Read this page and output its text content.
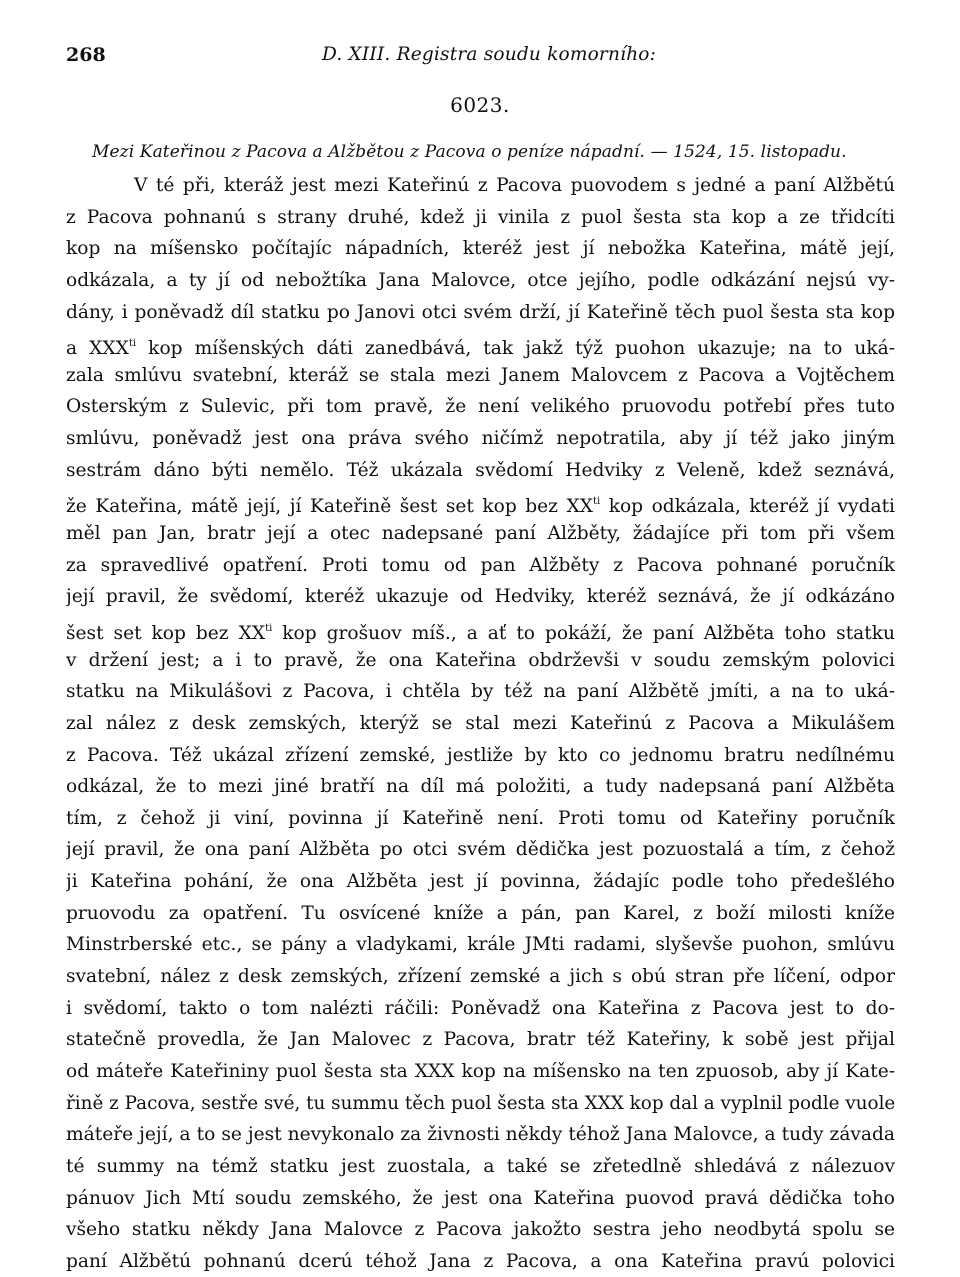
268	D. XIII. Registra soudu komorního:
6023.
Mezi Kateřinou z Pacova a Alžbětou z Pacova o peníze nápadní. — 1524, 15. listopadu.
V té při, kteráž jest mezi Kateřinú z Pacova puovodem s jedné a paní Alžbětú
z Pacova pohnanú s strany druhé, kdež ji vinila z puol šesta sta kop a ze třidcíti
kop na míšensko počítajíc nápadních, kteréž jest jí nebožka Kateřina, mátě její,
odkázala, a ty jí od nebožtíka Jana Malovce, otce jejího, podle odkázání nejsú vy-
dány, i poněvadž díl statku po Janovi otci svém drží, jí Kateřině těch puol šesta sta kop
a $XXX^{ti}$ kop míšenských dáti zanedbává, tak jakž týž puohon ukazuje; na to uká-
zala smlúvu svatební, kteráž se stala mezi Janem Malovcem z Pacova a Vojtěchem
Osterským z Sulevic, při tom pravě, že není velikého pruovodu potřebí přes tuto
smlúvu, poněvadž jest ona práva svého ničímž nepotratila, aby jí též jako jiným
sestrám dáno býti nemělo. Též ukázala svědomí Hedviky z Veleně, kdež seznává,
že Kateřina, mátě její, jí Kateřině šest set kop bez $XX^{ti}$ kop odkázala, kteréž jí vydati
měl pan Jan, bratr její a otec nadepsané paní Alžběty, žádajíce při tom při všem
za spravedlivé opatření. Proti tomu od pan Alžběty z Pacova pohnané poručník
její pravil, že svědomí, kteréž ukazuje od Hedviky, kteréž seznává, že jí odkázáno
šest set kop bez $XX^{ti}$ kop grošuov míš., a ať to pokáží, že paní Alžběta toho statku
v držení jest; a i to pravě, že ona Kateřina obdrževši v soudu zemským polovici
statku na Mikulášovi z Pacova, i chtěla by též na paní Alžbětě jmíti, a na to uká-
zal nález z desk zemských, kterýž se stal mezi Kateřinú z Pacova a Mikulášem
z Pacova. Též ukázal zřízení zemské, jestliže by kto co jednomu bratru nedílnému
odkázal, že to mezi jiné bratří na díl má položiti, a tudy nadepsaná paní Alžběta
tím, z čehož ji viní, povinna jí Kateřině není. Proti tomu od Kateřiny poručník
její pravil, že ona paní Alžběta po otci svém dědička jest pozuostalá a tím, z čehož
ji Kateřina pohání, že ona Alžběta jest jí povinna, žádajíc podle toho předešlého
pruovodu za opatření. Tu osvícené kníže a pán, pan Karel, z boží milosti kníže
Minstrberské etc., se pány a vladykami, krále JMti radami, slyševše puohon, smlúvu
svatební, nález z desk zemských, zřízení zemské a jich s obú stran pře líčení, odpor
i svědomí, takto o tom nalézti ráčili: Poněvadž ona Kateřina z Pacova jest to do-
statečně provedla, že Jan Malovec z Pacova, bratr též Kateřiny, k sobě jest přijal
od máteře Kateřininy puol šesta sta XXX kop na míšensko na ten zpuosob, aby jí Kate-
řině z Pacova, sestře své, tu summu těch puol šesta sta XXX kop dal a vyplnil podle vuole
máteře její, a to se jest nevykonalo za živnosti někdy téhož Jana Malovce, a tudy závada
té summy na témž statku jest zuostala, a také se zřetedlně shledává z nálezuov
pánuov Jich Mtí soudu zemského, že jest ona Kateřina puovod pravá dědička toho
všeho statku někdy Jana Malovce z Pacova jakožto sestra jeho neodbytá spolu se
paní Alžbětú pohnanú dcerú téhož Jana z Pacova, a ona Kateřina pravú polovici
